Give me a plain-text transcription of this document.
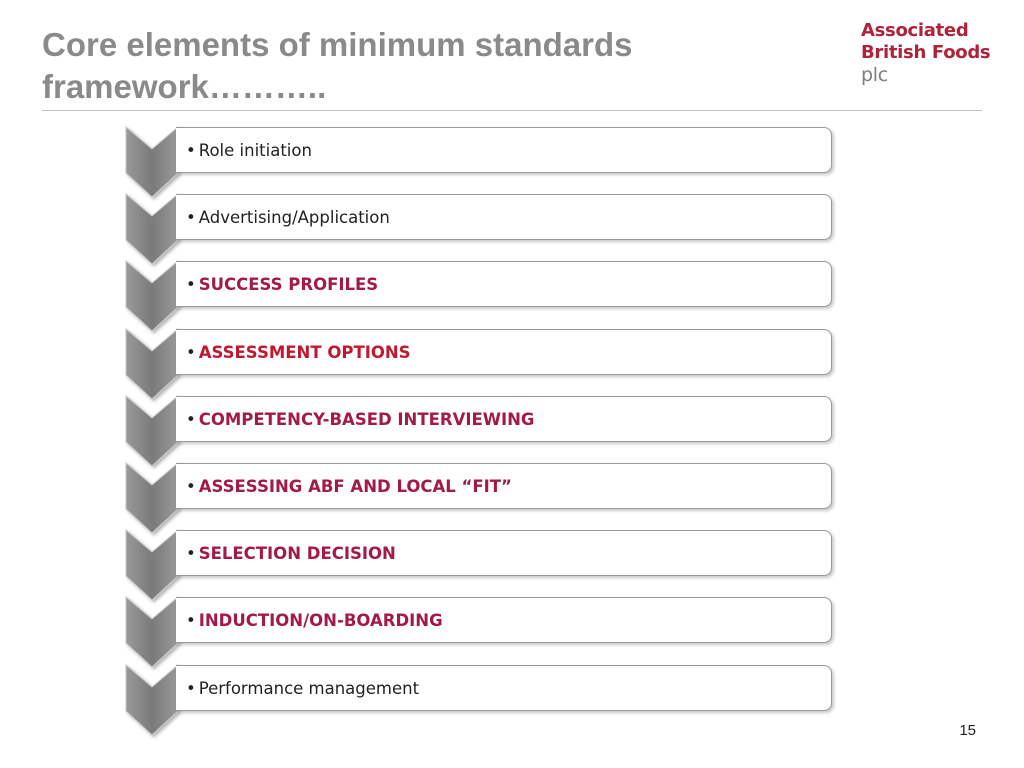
Core elements of minimum standards
framework………..
Associated
British Foods
plc
• Role initiation
• Advertising/Application
• SUCCESS PROFILES
• ASSESSMENT OPTIONS
• COMPETENCY-BASED INTERVIEWING
• ASSESSING ABF AND LOCAL “FIT”
• SELECTION DECISION
• INDUCTION/ON-BOARDING
• Performance management
15
